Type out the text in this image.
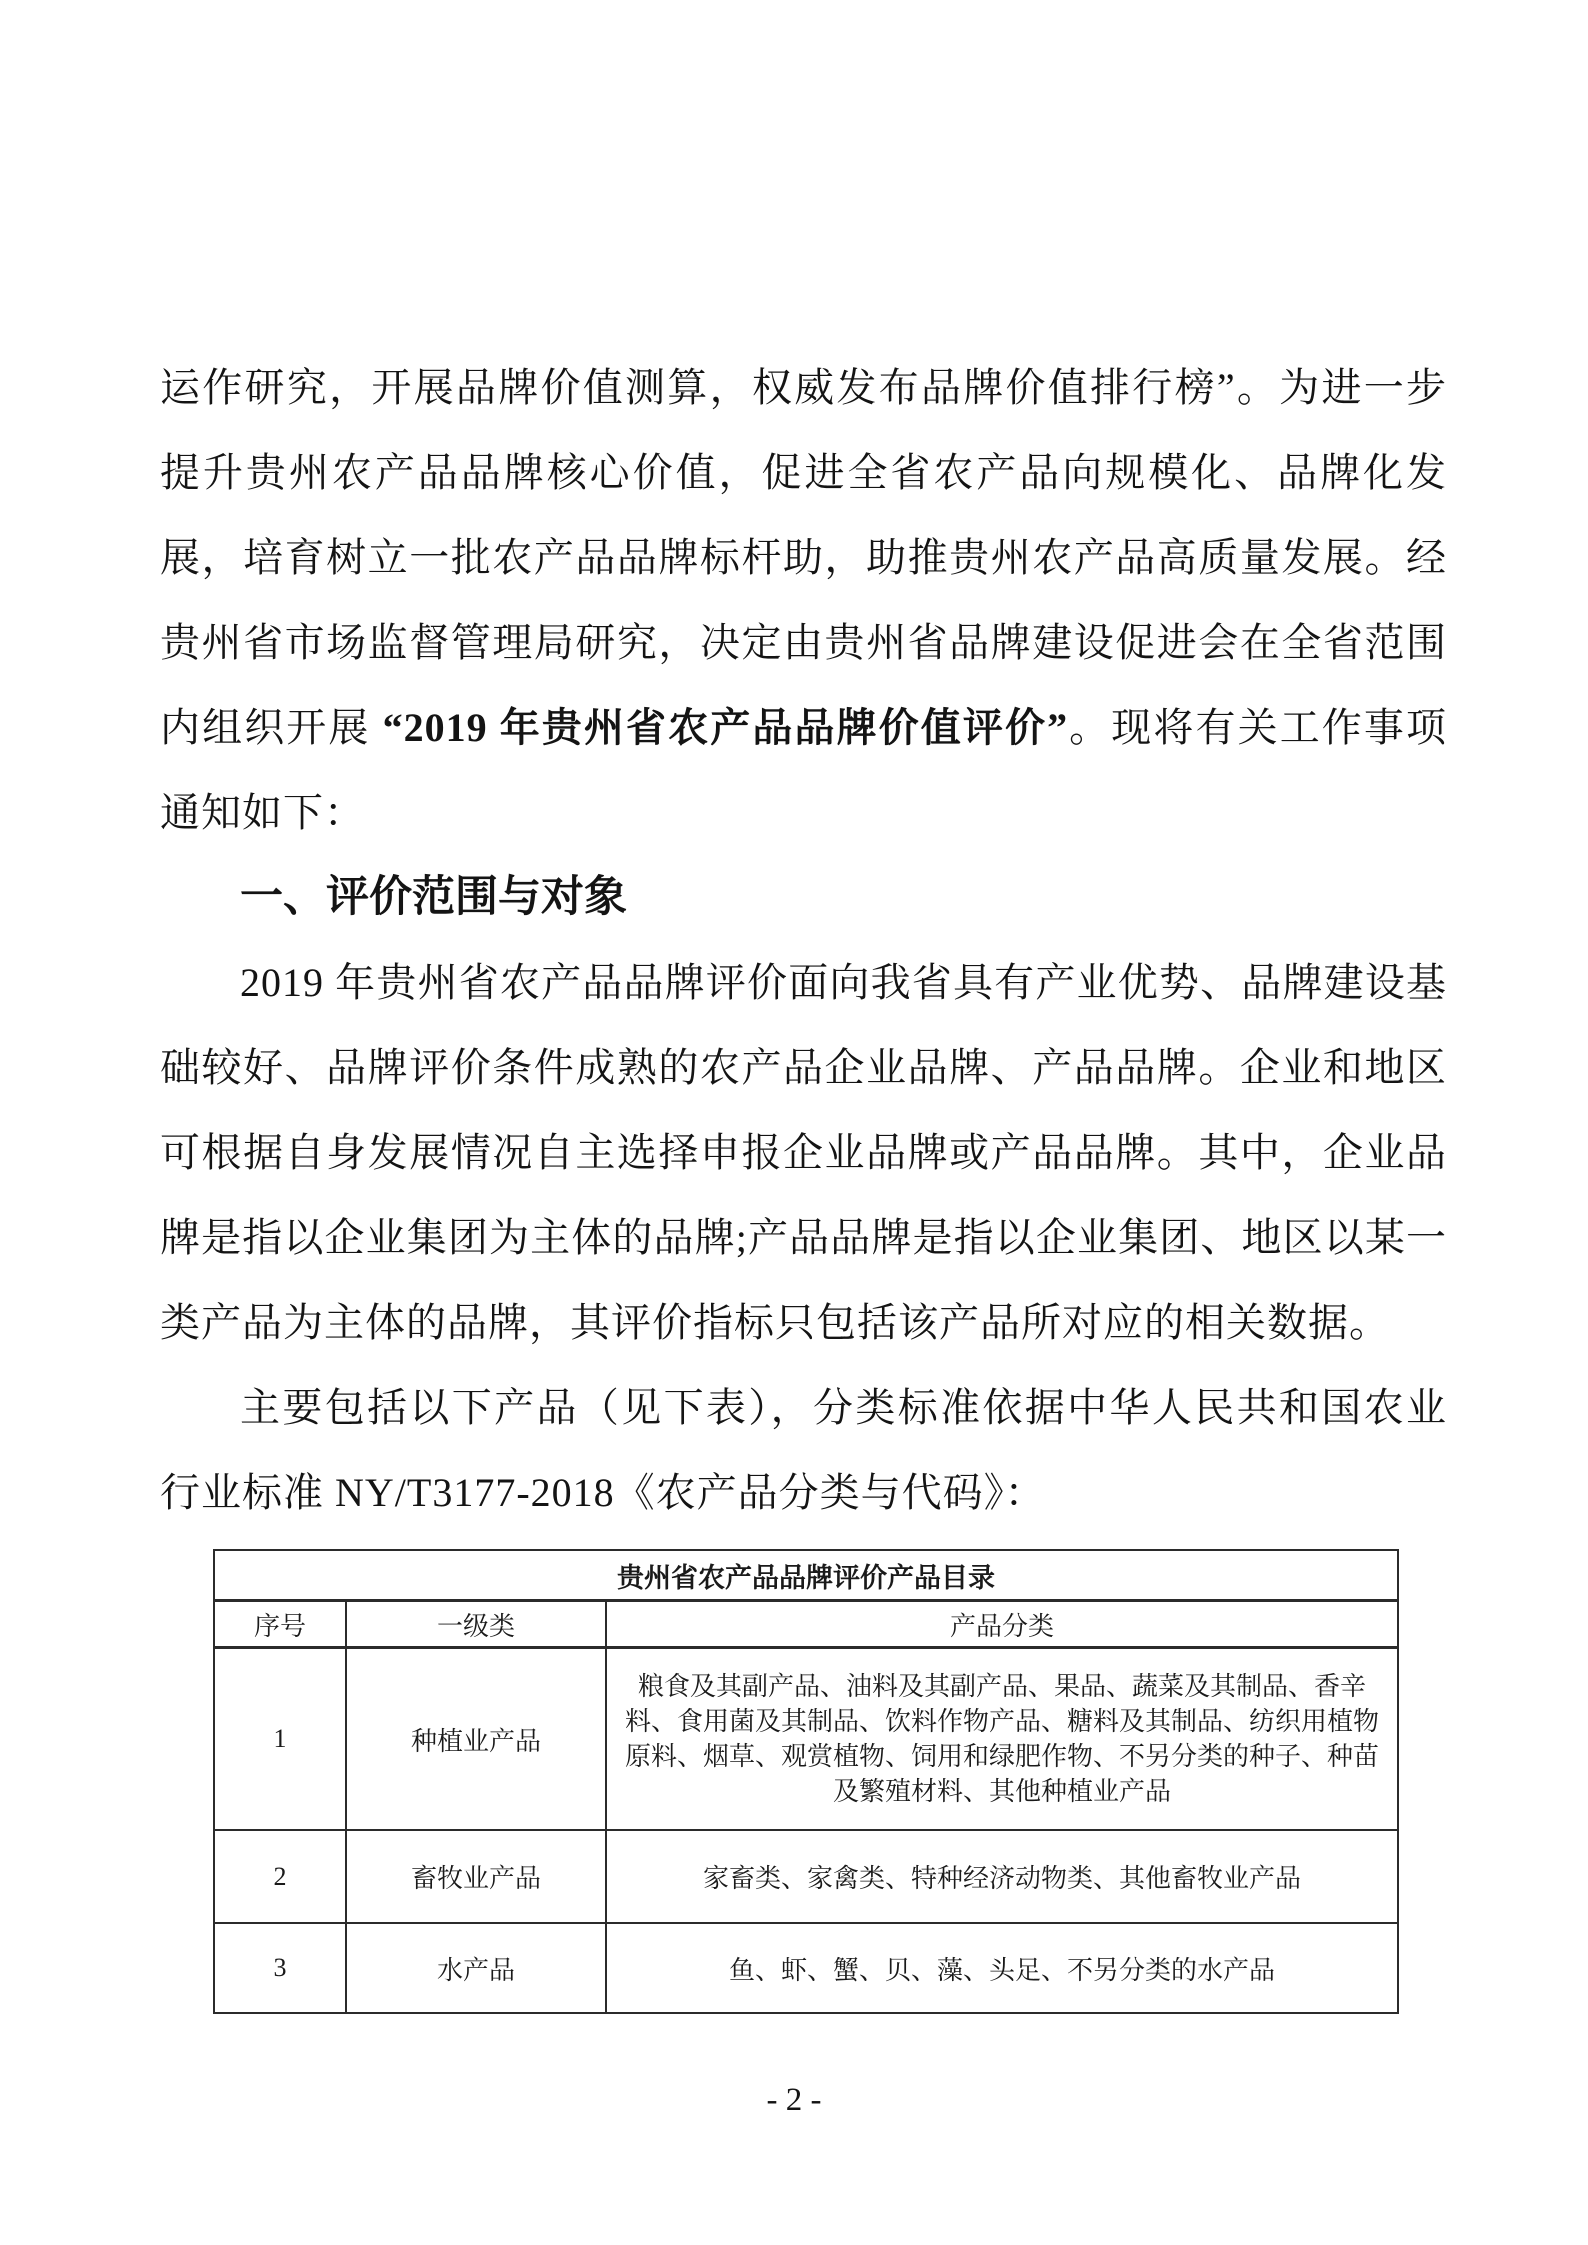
运作研究，开展品牌价值测算，权威发布品牌价值排行榜”。为进一步提升贵州农产品品牌核心价值，促进全省农产品向规模化、品牌化发展，培育树立一批农产品品牌标杆助，助推贵州农产品高质量发展。经贵州省市场监督管理局研究，决定由贵州省品牌建设促进会在全省范围内组织开展 “2019 年贵州省农产品品牌价值评价”。现将有关工作事项通知如下：

一、评价范围与对象

2019 年贵州省农产品品牌评价面向我省具有产业优势、品牌建设基础较好、品牌评价条件成熟的农产品企业品牌、产品品牌。企业和地区可根据自身发展情况自主选择申报企业品牌或产品品牌。其中，企业品牌是指以企业集团为主体的品牌;产品品牌是指以企业集团、地区以某一类产品为主体的品牌，其评价指标只包括该产品所对应的相关数据。

主要包括以下产品（见下表），分类标准依据中华人民共和国农业行业标准 NY/T3177-2018《农产品分类与代码》：

贵州省农产品品牌评价产品目录		
序号	一级类	产品分类
1	种植业产品	粮食及其副产品、油料及其副产品、果品、蔬菜及其制品、香辛料、食用菌及其制品、饮料作物产品、糖料及其制品、纺织用植物原料、烟草、观赏植物、饲用和绿肥作物、不另分类的种子、种苗及繁殖材料、其他种植业产品
2	畜牧业产品	家畜类、家禽类、特种经济动物类、其他畜牧业产品
3	水产品	鱼、虾、蟹、贝、藻、头足、不另分类的水产品
- 2 -
